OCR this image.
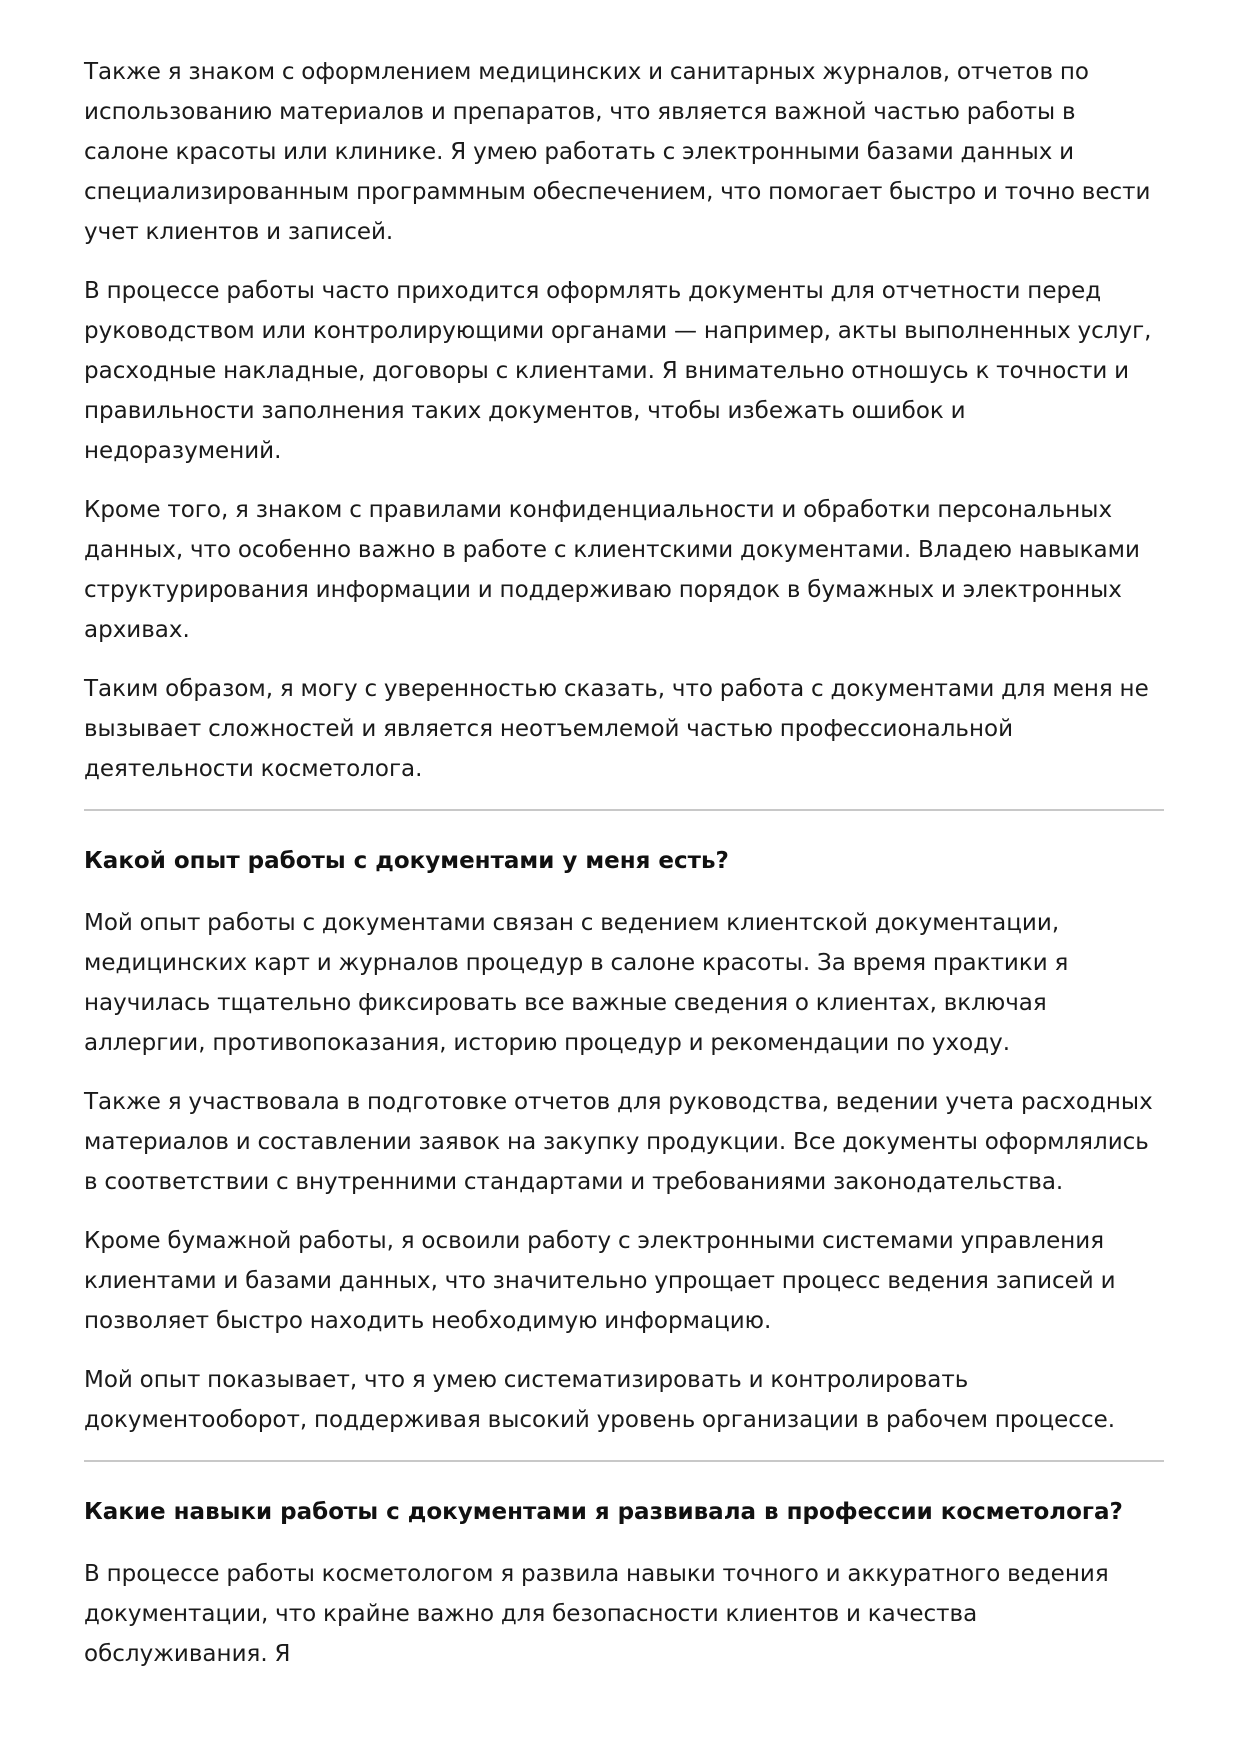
Также я знаком с оформлением медицинских и санитарных журналов, отчетов по использованию материалов и препаратов, что является важной частью работы в салоне красоты или клинике. Я умею работать с электронными базами данных и специализированным программным обеспечением, что помогает быстро и точно вести учет клиентов и записей.

В процессе работы часто приходится оформлять документы для отчетности перед руководством или контролирующими органами — например, акты выполненных услуг, расходные накладные, договоры с клиентами. Я внимательно отношусь к точности и правильности заполнения таких документов, чтобы избежать ошибок и недоразумений.

Кроме того, я знаком с правилами конфиденциальности и обработки персональных данных, что особенно важно в работе с клиентскими документами. Владею навыками структурирования информации и поддерживаю порядок в бумажных и электронных архивах.

Таким образом, я могу с уверенностью сказать, что работа с документами для меня не вызывает сложностей и является неотъемлемой частью профессиональной деятельности косметолога.

Какой опыт работы с документами у меня есть?

Мой опыт работы с документами связан с ведением клиентской документации, медицинских карт и журналов процедур в салоне красоты. За время практики я научилась тщательно фиксировать все важные сведения о клиентах, включая аллергии, противопоказания, историю процедур и рекомендации по уходу.

Также я участвовала в подготовке отчетов для руководства, ведении учета расходных материалов и составлении заявок на закупку продукции. Все документы оформлялись в соответствии с внутренними стандартами и требованиями законодательства.

Кроме бумажной работы, я освоили работу с электронными системами управления клиентами и базами данных, что значительно упрощает процесс ведения записей и позволяет быстро находить необходимую информацию.

Мой опыт показывает, что я умею систематизировать и контролировать документооборот, поддерживая высокий уровень организации в рабочем процессе.

Какие навыки работы с документами я развивала в профессии косметолога?

В процессе работы косметологом я развила навыки точного и аккуратного ведения документации, что крайне важно для безопасности клиентов и качества обслуживания. Я
